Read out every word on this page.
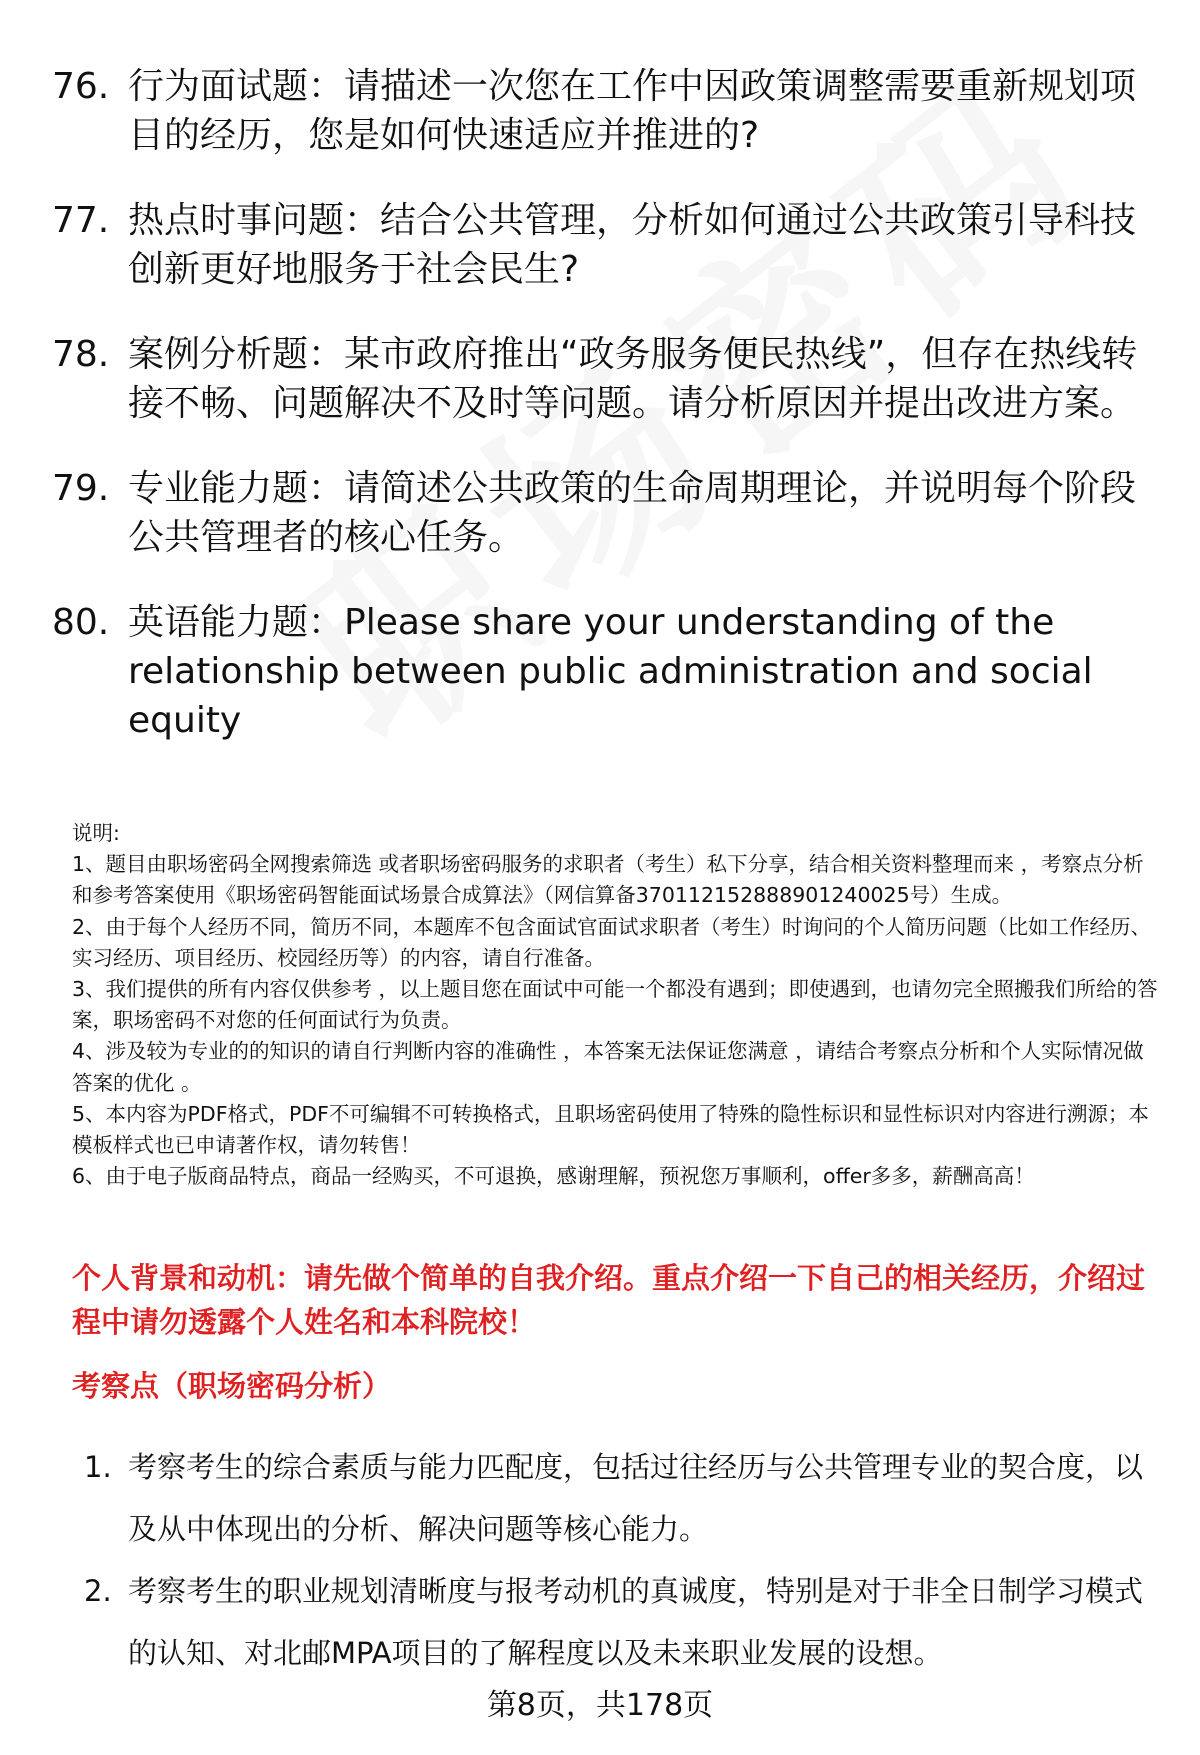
76. 行为面试题：请描述一次您在工作中因政策调整需要重新规划项目的经历，您是如何快速适应并推进的?
77. 热点时事问题：结合公共管理，分析如何通过公共政策引导科技创新更好地服务于社会民生?
78. 案例分析题：某市政府推出“政务服务便民热线”，但存在热线转接不畅、问题解决不及时等问题。请分析原因并提出改进方案。
79. 专业能力题：请简述公共政策的生命周期理论，并说明每个阶段公共管理者的核心任务。
80. 英语能力题：Please share your understanding of the relationship between public administration and social equity
说明:
1、题目由职场密码全网搜索筛选 或者职场密码服务的求职者（考生）私下分享，结合相关资料整理而来 ，考察点分析和参考答案使用《职场密码智能面试场景合成算法》（网信算备370112152888901240025号）生成。
2、由于每个人经历不同，简历不同，本题库不包含面试官面试求职者（考生）时询问的个人简历问题（比如工作经历、实习经历、项目经历、校园经历等）的内容，请自行准备。
3、我们提供的所有内容仅供参考 ，以上题目您在面试中可能一个都没有遇到；即使遇到，也请勿完全照搬我们所给的答案，职场密码不对您的任何面试行为负责。
4、涉及较为专业的的知识的请自行判断内容的准确性 ，本答案无法保证您满意 ，请结合考察点分析和个人实际情况做答案的优化 。
5、本内容为PDF格式，PDF不可编辑不可转换格式，且职场密码使用了特殊的隐性标识和显性标识对内容进行溯源；本模板样式也已申请著作权，请勿转售！
6、由于电子版商品特点，商品一经购买，不可退换，感谢理解，预祝您万事顺利，offer多多，薪酬高高！
个人背景和动机：请先做个简单的自我介绍。重点介绍一下自己的相关经历，介绍过程中请勿透露个人姓名和本科院校！
考察点（职场密码分析）
1. 考察考生的综合素质与能力匹配度，包括过往经历与公共管理专业的契合度，以及从中体现出的分析、解决问题等核心能力。
2. 考察考生的职业规划清晰度与报考动机的真诚度，特别是对于非全日制学习模式的认知、对北邮MPA项目的了解程度以及未来职业发展的设想。
第8页，共178页
